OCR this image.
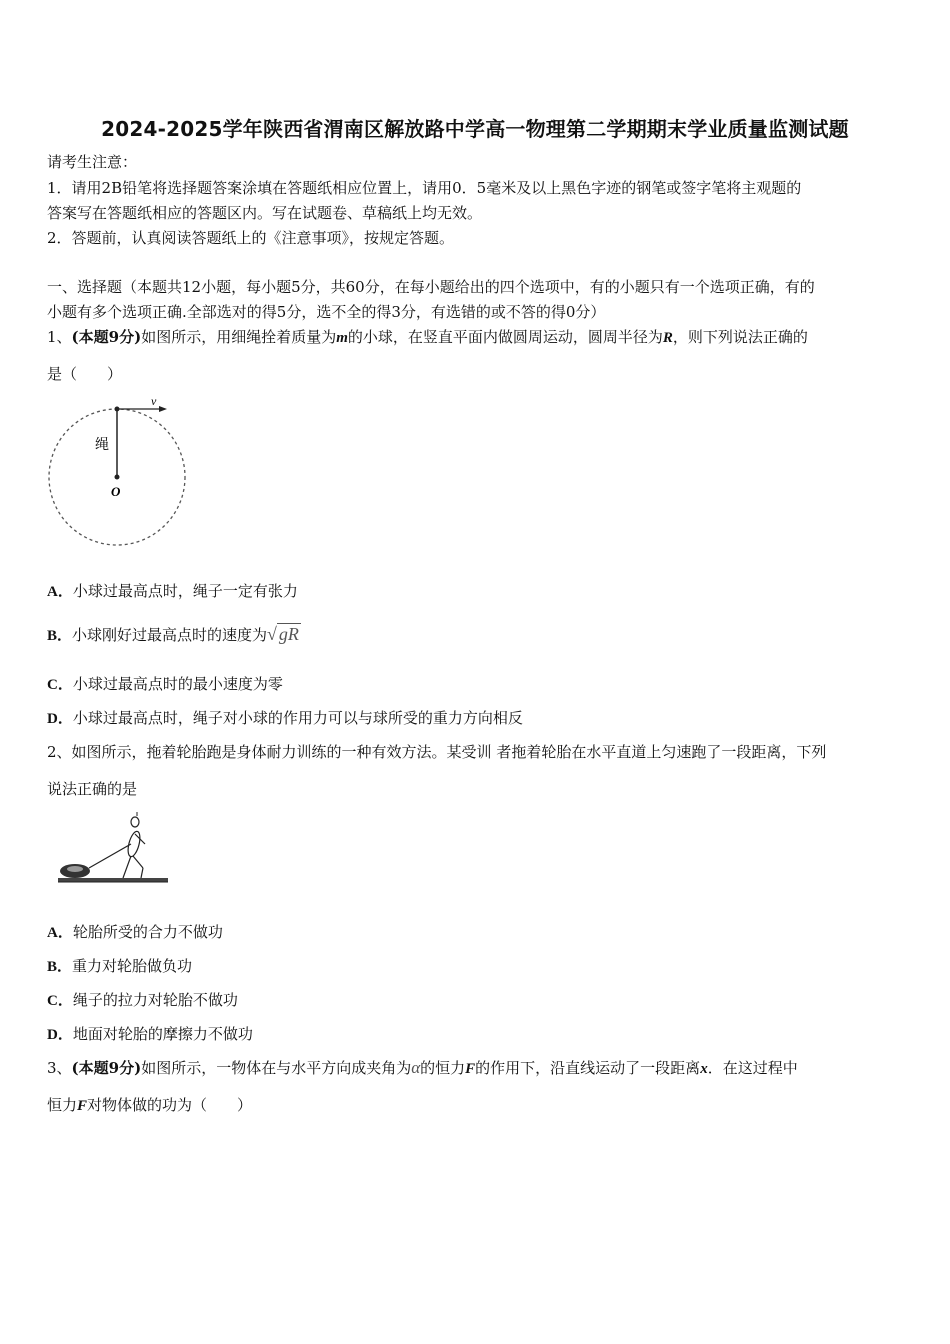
2024-2025学年陕西省渭南区解放路中学高一物理第二学期期末学业质量监测试题
请考生注意：
1．请用2B铅笔将选择题答案涂填在答题纸相应位置上，请用0．5毫米及以上黑色字迹的钢笔或签字笔将主观题的
答案写在答题纸相应的答题区内。写在试题卷、草稿纸上均无效。
2．答题前，认真阅读答题纸上的《注意事项》，按规定答题。
一、选择题（本题共12小题，每小题5分，共60分，在每小题给出的四个选项中，有的小题只有一个选项正确，有的
小题有多个选项正确.全部选对的得5分，选不全的得3分，有选错的或不答的得0分）
1、(本题9分)如图所示，用细绳拴着质量为m的小球，在竖直平面内做圆周运动，圆周半径为R，则下列说法正确的
是（　　）
v
绳
O
A．小球过最高点时，绳子一定有张力
B．小球刚好过最高点时的速度为√ gR
C．小球过最高点时的最小速度为零
D．小球过最高点时，绳子对小球的作用力可以与球所受的重力方向相反
2、如图所示，拖着轮胎跑是身体耐力训练的一种有效方法。某受训 者拖着轮胎在水平直道上匀速跑了一段距离，下列
说法正确的是
A．轮胎所受的合力不做功
B．重力对轮胎做负功
C．绳子的拉力对轮胎不做功
D．地面对轮胎的摩擦力不做功
3、(本题9分)如图所示，一物体在与水平方向成夹角为α的恒力F的作用下，沿直线运动了一段距离x．在这过程中
恒力F对物体做的功为（　　）
